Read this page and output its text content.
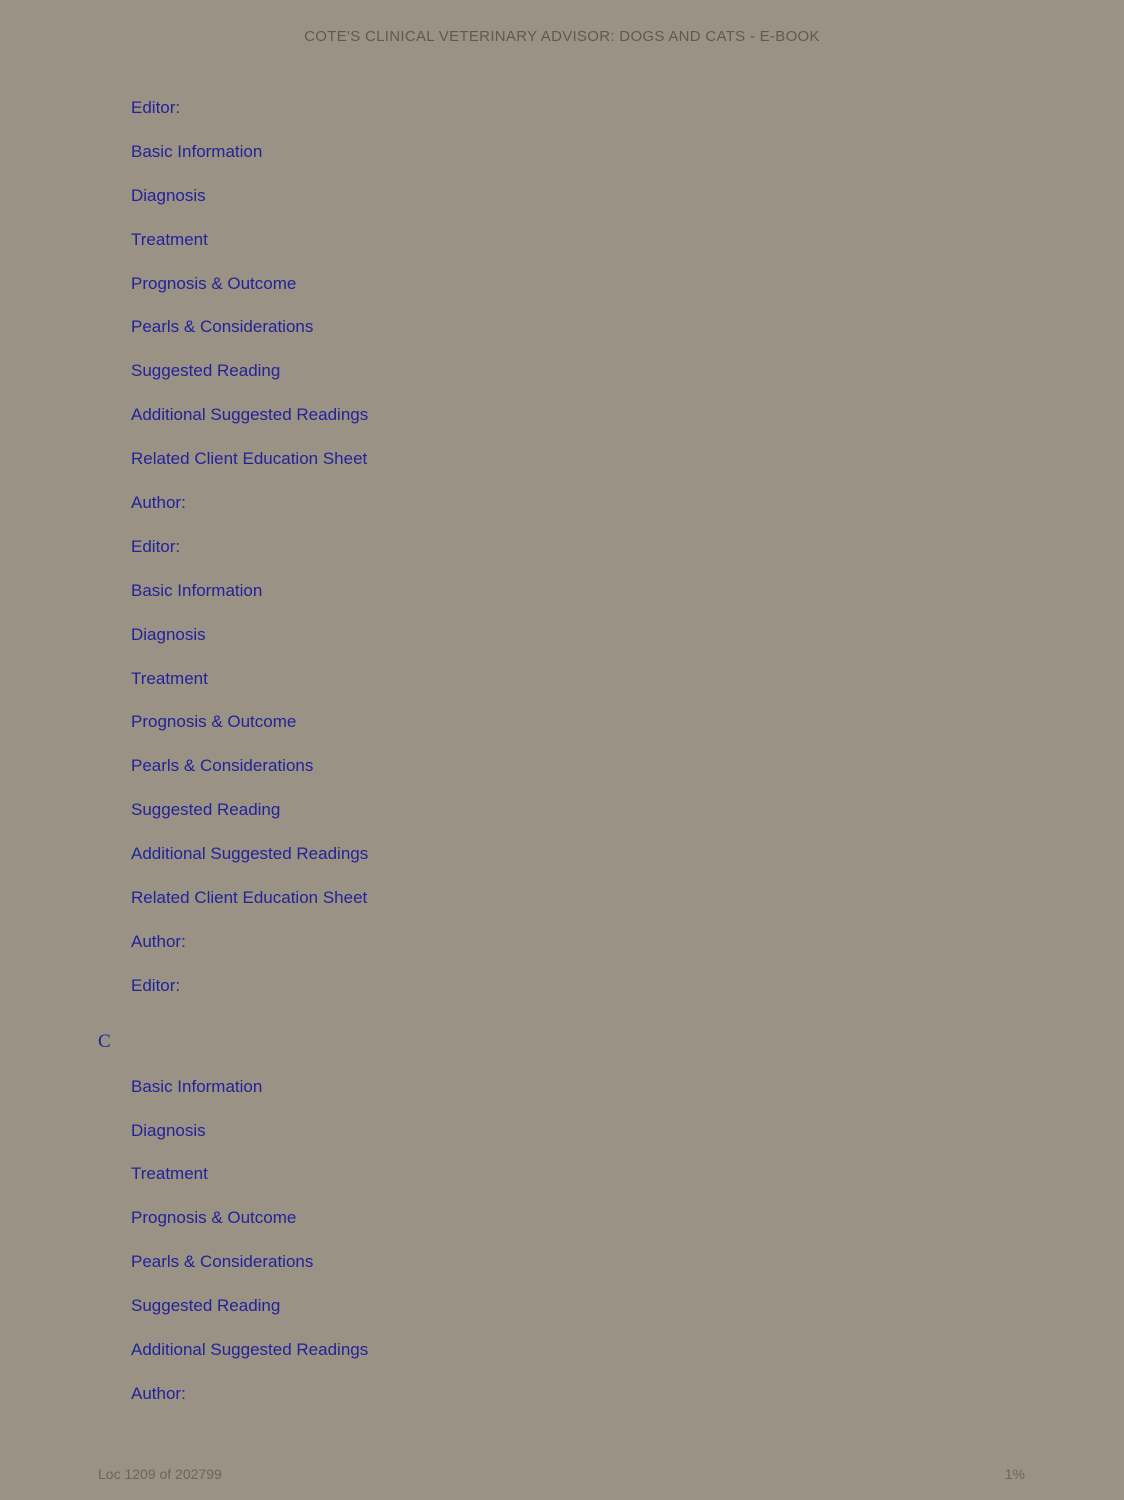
COTE'S CLINICAL VETERINARY ADVISOR: DOGS AND CATS - E-BOOK
Editor:
Basic Information
Diagnosis
Treatment
Prognosis & Outcome
Pearls & Considerations
Suggested Reading
Additional Suggested Readings
Related Client Education Sheet
Author:
Editor:
Basic Information
Diagnosis
Treatment
Prognosis & Outcome
Pearls & Considerations
Suggested Reading
Additional Suggested Readings
Related Client Education Sheet
Author:
Editor:
C
Basic Information
Diagnosis
Treatment
Prognosis & Outcome
Pearls & Considerations
Suggested Reading
Additional Suggested Readings
Author:
Loc 1209 of 202799	1%
